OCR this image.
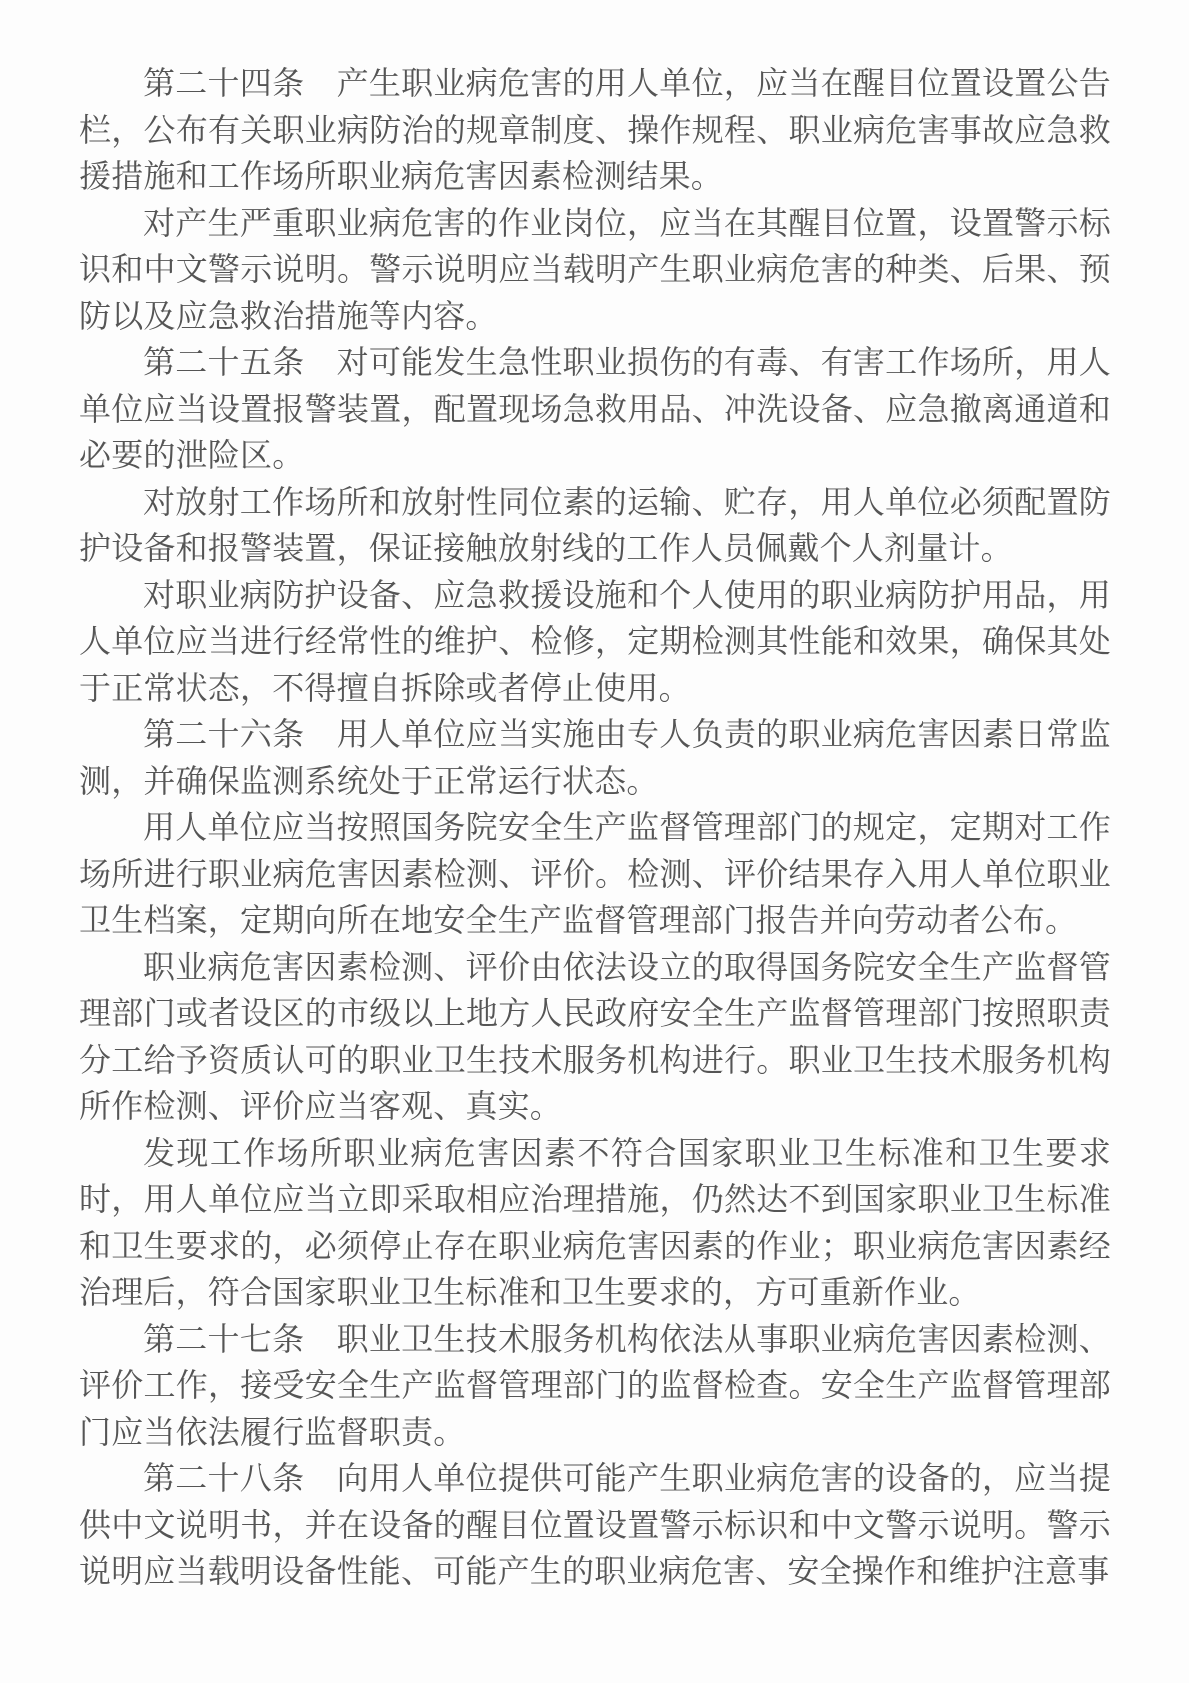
第二十四条　产生职业病危害的用人单位，应当在醒目位置设置公告栏，公布有关职业病防治的规章制度、操作规程、职业病危害事故应急救援措施和工作场所职业病危害因素检测结果。

对产生严重职业病危害的作业岗位，应当在其醒目位置，设置警示标识和中文警示说明。警示说明应当载明产生职业病危害的种类、后果、预防以及应急救治措施等内容。

第二十五条　对可能发生急性职业损伤的有毒、有害工作场所，用人单位应当设置报警装置，配置现场急救用品、冲洗设备、应急撤离通道和必要的泄险区。

对放射工作场所和放射性同位素的运输、贮存，用人单位必须配置防护设备和报警装置，保证接触放射线的工作人员佩戴个人剂量计。

对职业病防护设备、应急救援设施和个人使用的职业病防护用品，用人单位应当进行经常性的维护、检修，定期检测其性能和效果，确保其处于正常状态，不得擅自拆除或者停止使用。

第二十六条　用人单位应当实施由专人负责的职业病危害因素日常监测，并确保监测系统处于正常运行状态。

用人单位应当按照国务院安全生产监督管理部门的规定，定期对工作场所进行职业病危害因素检测、评价。检测、评价结果存入用人单位职业卫生档案，定期向所在地安全生产监督管理部门报告并向劳动者公布。

职业病危害因素检测、评价由依法设立的取得国务院安全生产监督管理部门或者设区的市级以上地方人民政府安全生产监督管理部门按照职责分工给予资质认可的职业卫生技术服务机构进行。职业卫生技术服务机构所作检测、评价应当客观、真实。

发现工作场所职业病危害因素不符合国家职业卫生标准和卫生要求时，用人单位应当立即采取相应治理措施，仍然达不到国家职业卫生标准和卫生要求的，必须停止存在职业病危害因素的作业；职业病危害因素经治理后，符合国家职业卫生标准和卫生要求的，方可重新作业。

第二十七条　职业卫生技术服务机构依法从事职业病危害因素检测、评价工作，接受安全生产监督管理部门的监督检查。安全生产监督管理部门应当依法履行监督职责。

第二十八条　向用人单位提供可能产生职业病危害的设备的，应当提供中文说明书，并在设备的醒目位置设置警示标识和中文警示说明。警示说明应当载明设备性能、可能产生的职业病危害、安全操作和维护注意事
